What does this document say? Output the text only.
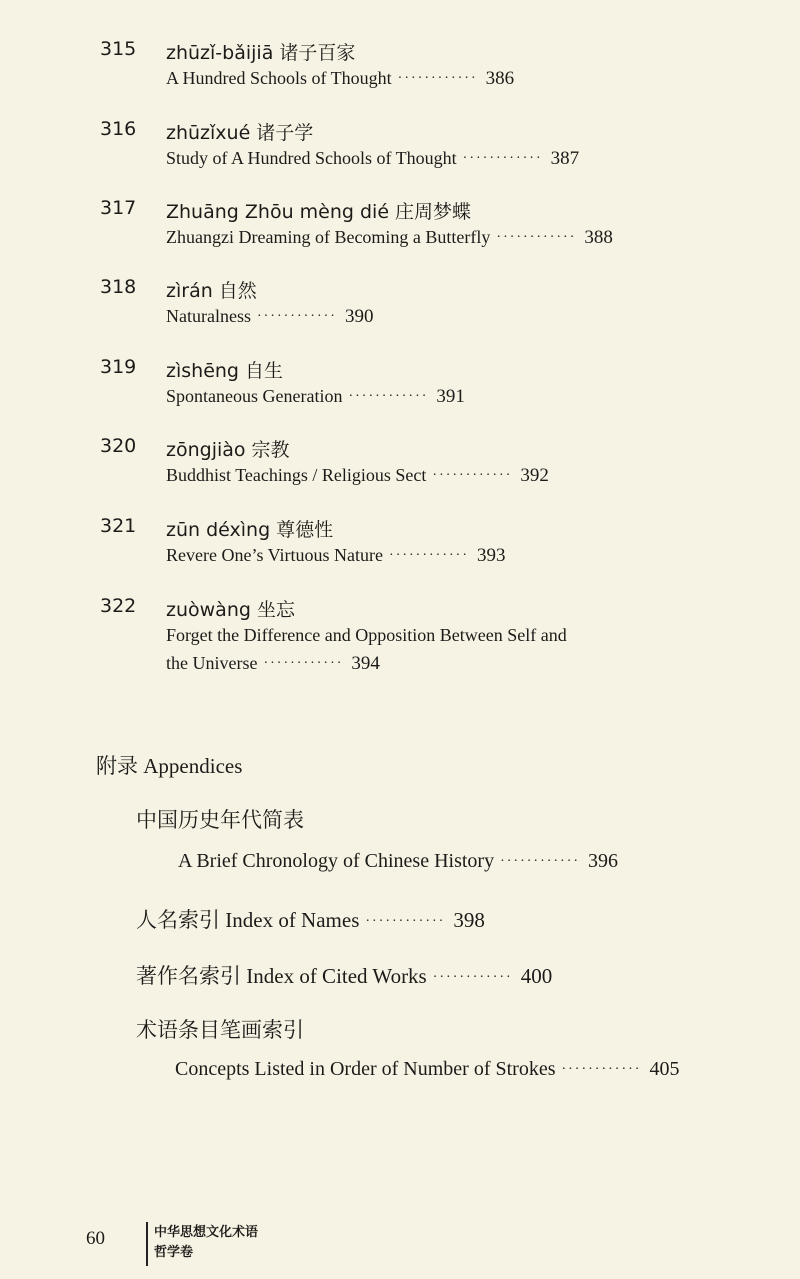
315 zhūzǐ-bǎijiā 诸子百家
A Hundred Schools of Thought ············ 386
316 zhūzǐxué 诸子学
Study of A Hundred Schools of Thought ············ 387
317 Zhuāng Zhōu mèng dié 庄周梦蝶
Zhuangzi Dreaming of Becoming a Butterfly ············ 388
318 zìrán 自然
Naturalness ············ 390
319 zìshēng 自生
Spontaneous Generation ············ 391
320 zōngjiào 宗教
Buddhist Teachings / Religious Sect ············ 392
321 zūn déxìng 尊德性
Revere One’s Virtuous Nature ············ 393
322 zuòwàng 坐忘
Forget the Difference and Opposition Between Self and
the Universe ············ 394
附录 Appendices
中国历史年代简表
A Brief Chronology of Chinese History ············ 396
人名索引 Index of Names ············ 398
著作名索引 Index of Cited Works ············ 400
术语条目笔画索引
Concepts Listed in Order of Number of Strokes ············ 405
60	中华思想文化术语
哲学卷
